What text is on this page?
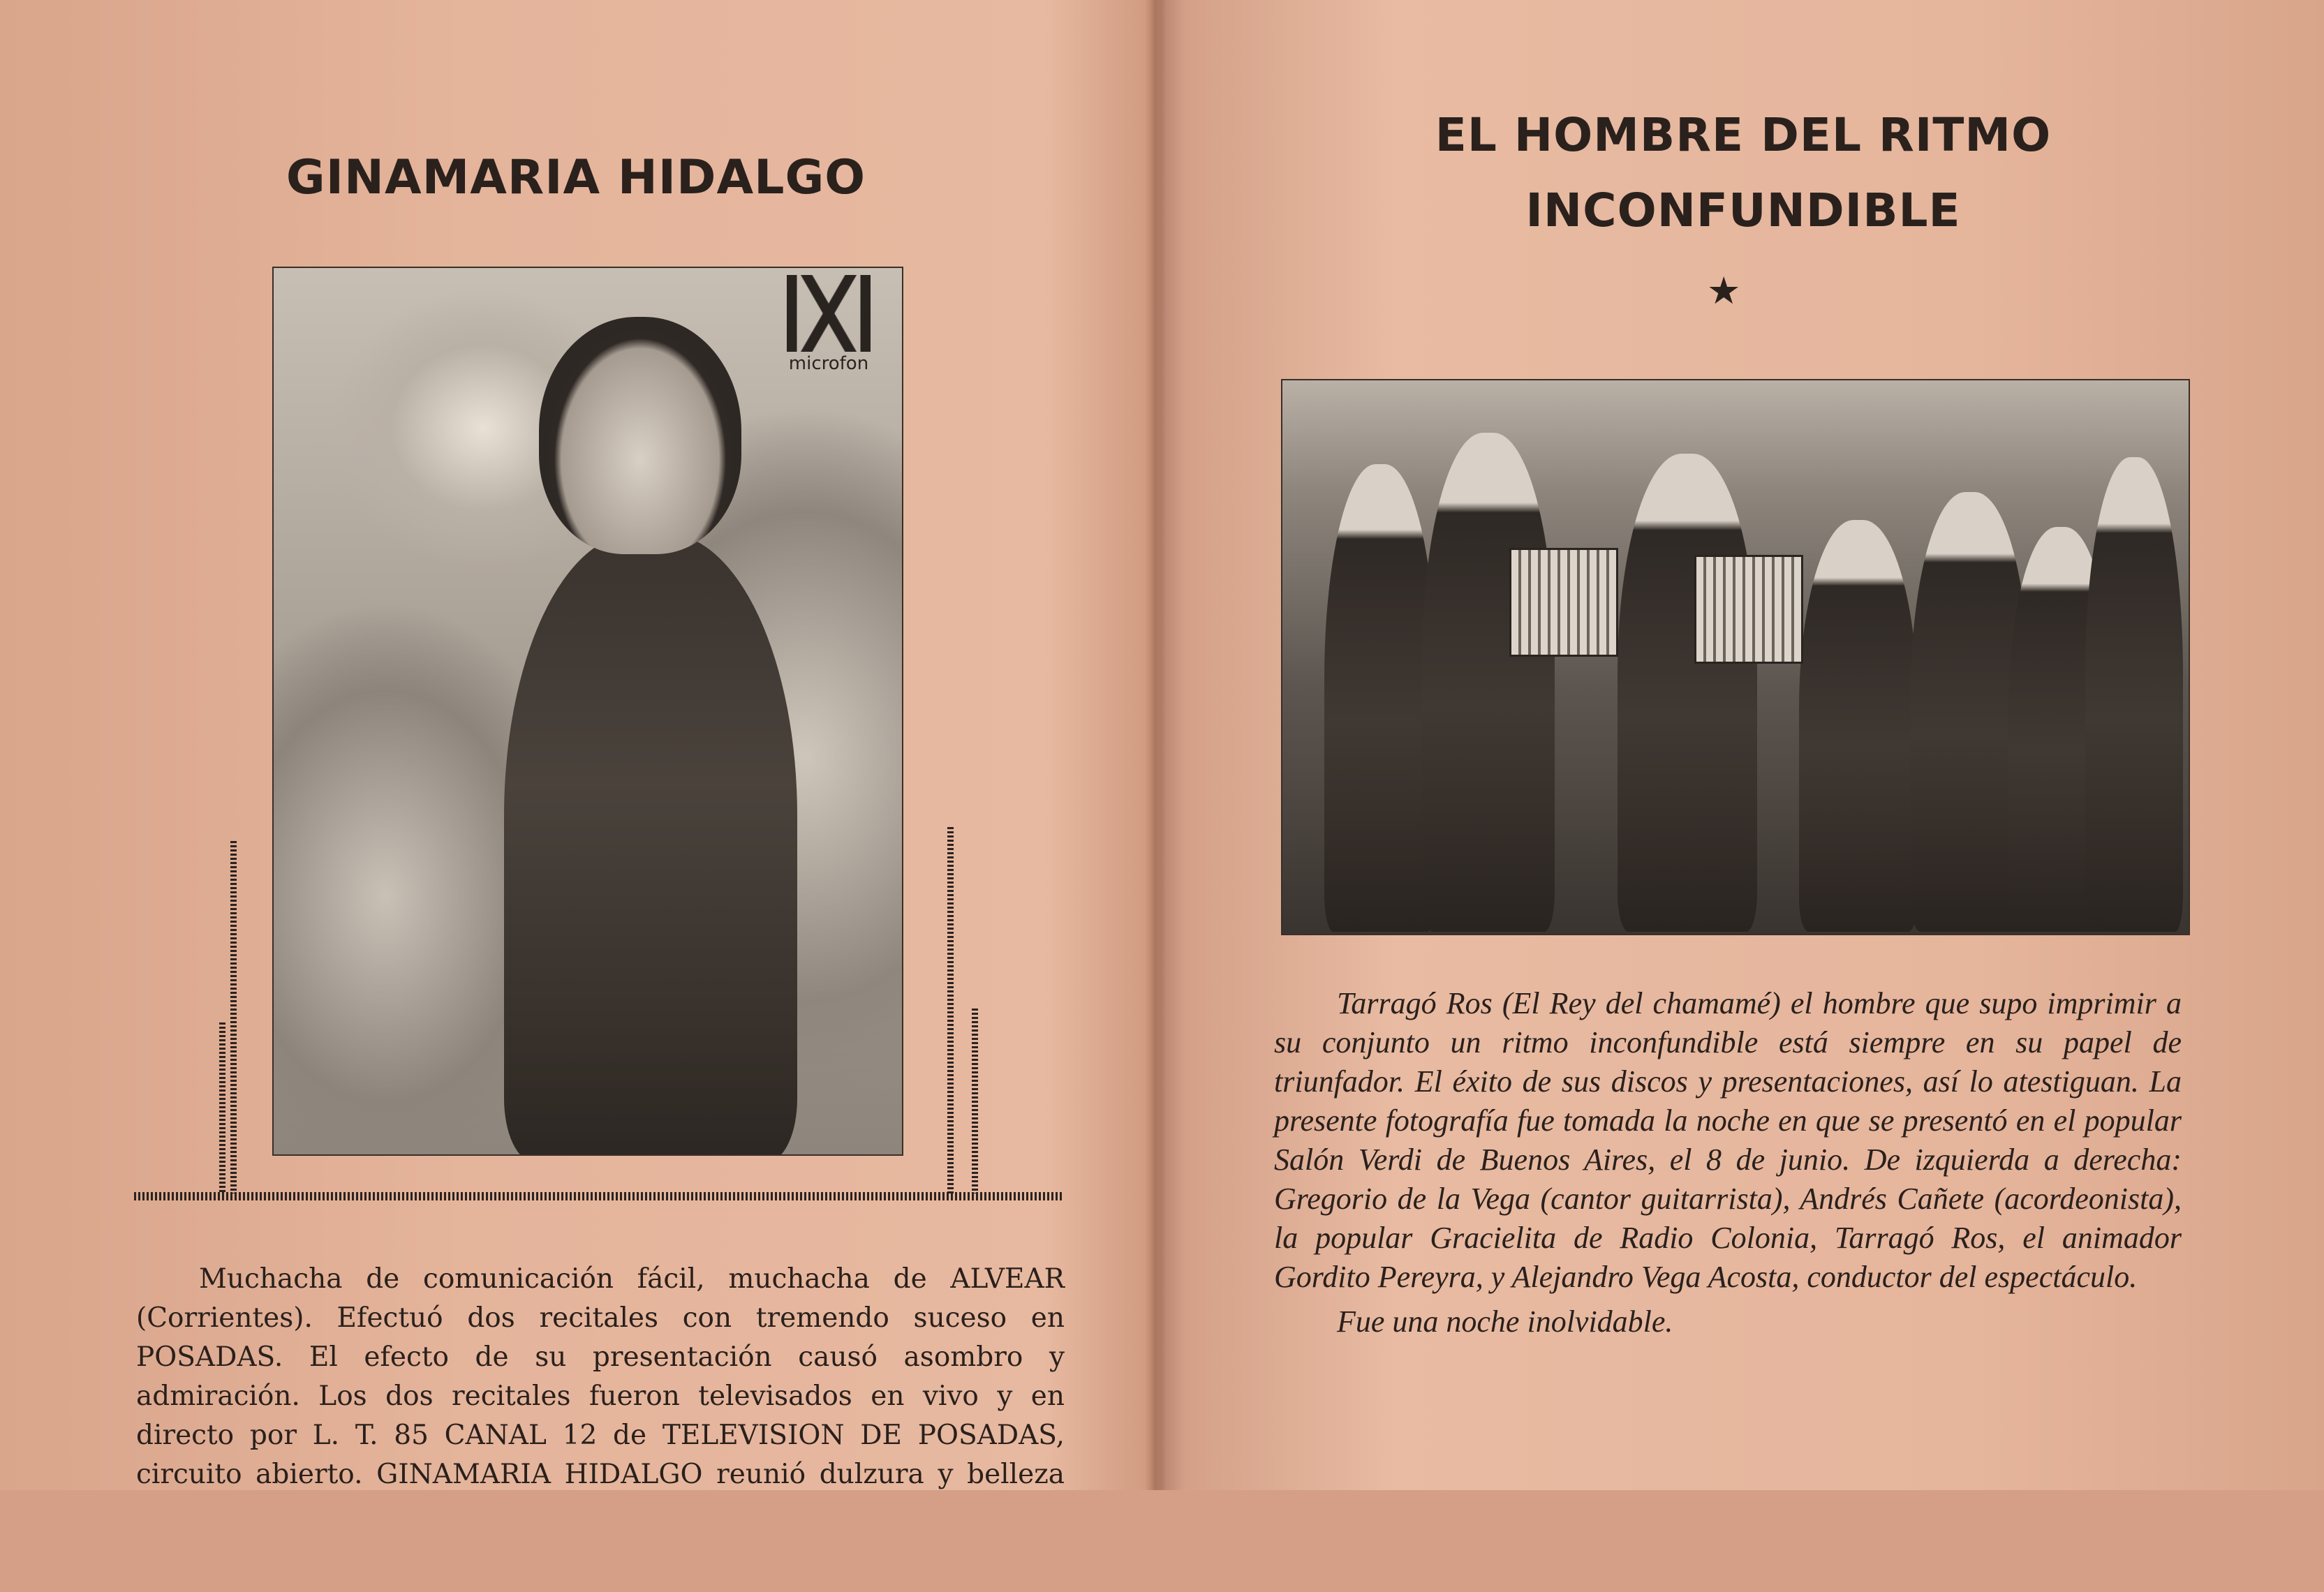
GINAMARIA HIDALGO
microfon

Muchacha de comunicación fácil, muchacha de ALVEAR (Corrientes). Efectuó dos recitales con tremendo suceso en POSADAS. El efecto de su presentación causó asombro y admiración. Los dos recitales fueron televisados en vivo y en directo por L. T. 85 CANAL 12 de TELEVISION DE POSADAS, circuito abierto. GINAMARIA HIDALGO reunió dulzura y belleza

EL HOMBRE DEL RITMO
INCONFUNDIBLE
★

Tarragó Ros (El Rey del chamamé) el hombre que supo imprimir a su conjunto un ritmo inconfundible está siempre en su papel de triunfador. El éxito de sus discos y presentaciones, así lo atestiguan. La presente fotografía fue tomada la noche en que se presentó en el popular Salón Verdi de Buenos Aires, el 8 de junio. De izquierda a derecha: Gregorio de la Vega (cantor guitarrista), Andrés Cañete (acordeonista), la popular Gracielita de Radio Colonia, Tarragó Ros, el animador Gordito Pereyra, y Alejandro Vega Acosta, conductor del espectáculo.

Fue una noche inolvidable.
